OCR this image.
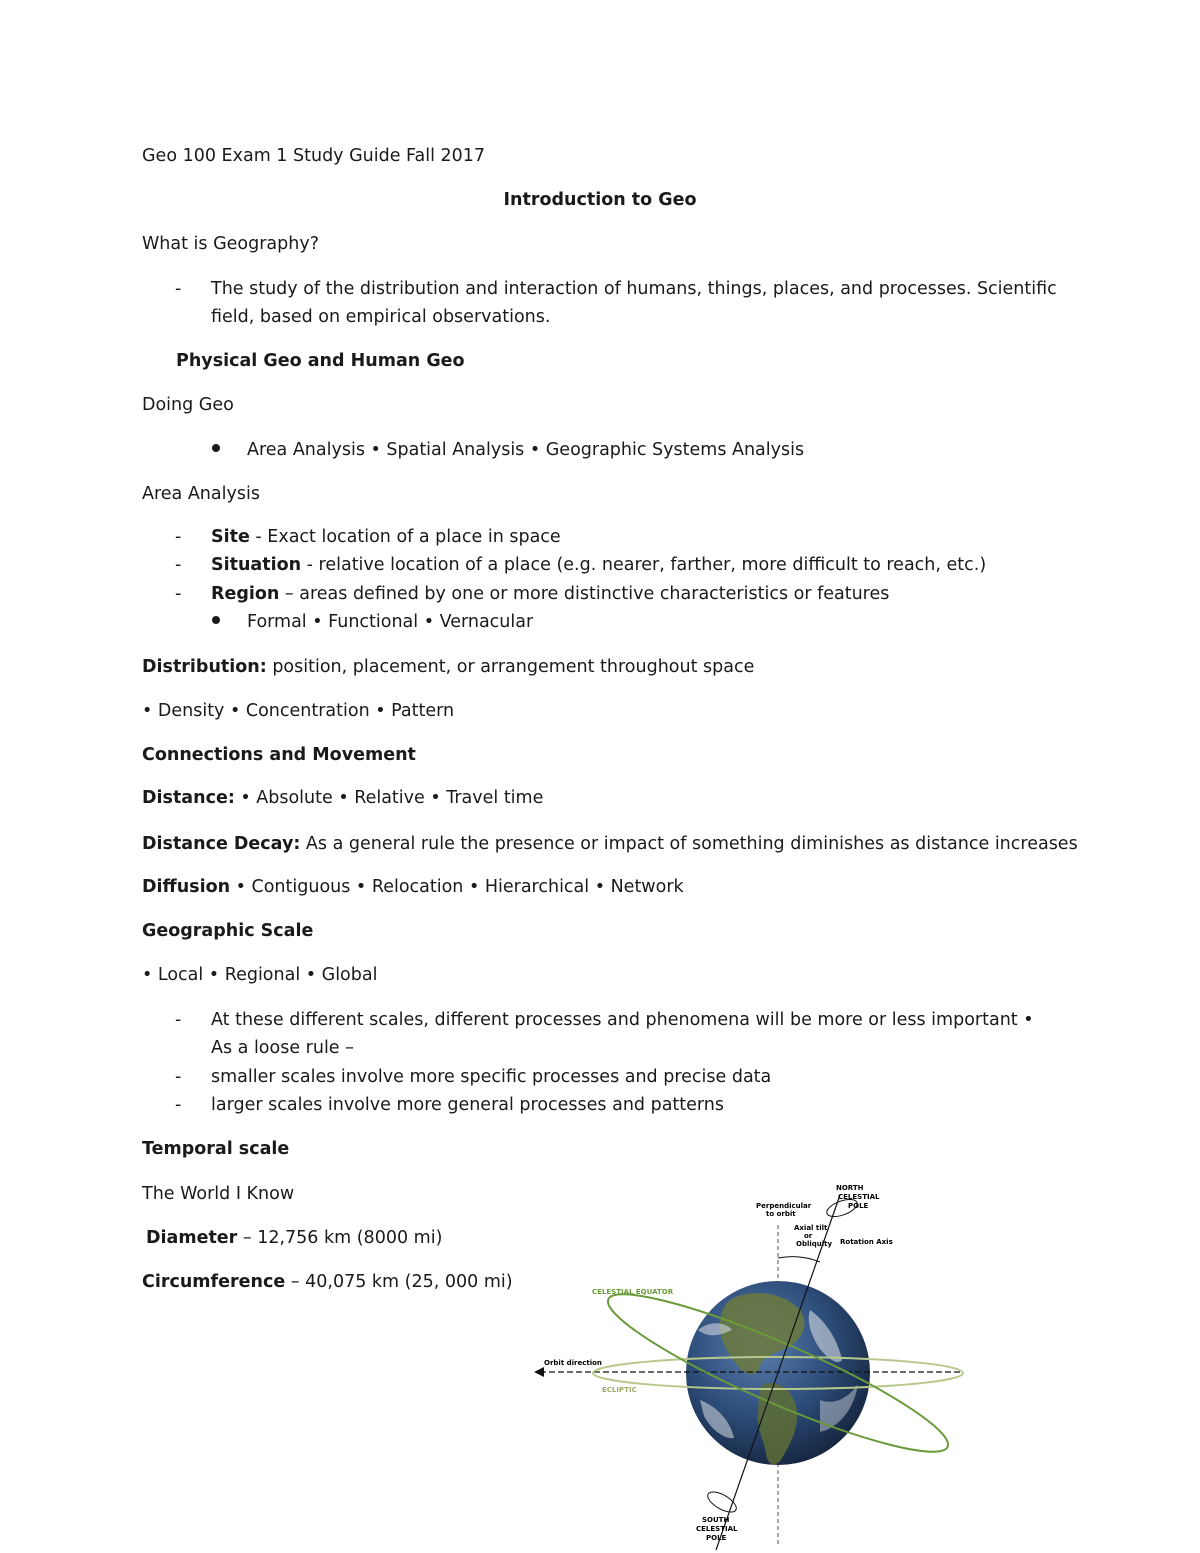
Geo 100 Exam 1 Study Guide Fall 2017
Introduction to Geo
What is Geography?
- The study of the distribution and interaction of humans, things, places, and processes. Scientific
field, based on empirical observations.
Physical Geo and Human Geo
Doing Geo
Area Analysis • Spatial Analysis • Geographic Systems Analysis
Area Analysis
- Site - Exact location of a place in space
- Situation - relative location of a place (e.g. nearer, farther, more difficult to reach, etc.)
- Region – areas defined by one or more distinctive characteristics or features
Formal • Functional • Vernacular
Distribution: position, placement, or arrangement throughout space
• Density • Concentration • Pattern
Connections and Movement
Distance: • Absolute • Relative • Travel time
Distance Decay: As a general rule the presence or impact of something diminishes as distance increases
Diffusion • Contiguous • Relocation • Hierarchical • Network
Geographic Scale
• Local • Regional • Global
- At these different scales, different processes and phenomena will be more or less important •
As a loose rule –
- smaller scales involve more specific processes and precise data
- larger scales involve more general processes and patterns
Temporal scale
The World I Know
Diameter – 12,756 km (8000 mi)
Circumference – 40,075 km (25, 000 mi)
NORTH
CELESTIAL
POLE
Perpendicular
to orbit
Axial tilt
or
Obliquity Rotation Axis
CELESTIAL EQUATOR
Orbit direction
ECLIPTIC
SOUTH
CELESTIAL
POLE
